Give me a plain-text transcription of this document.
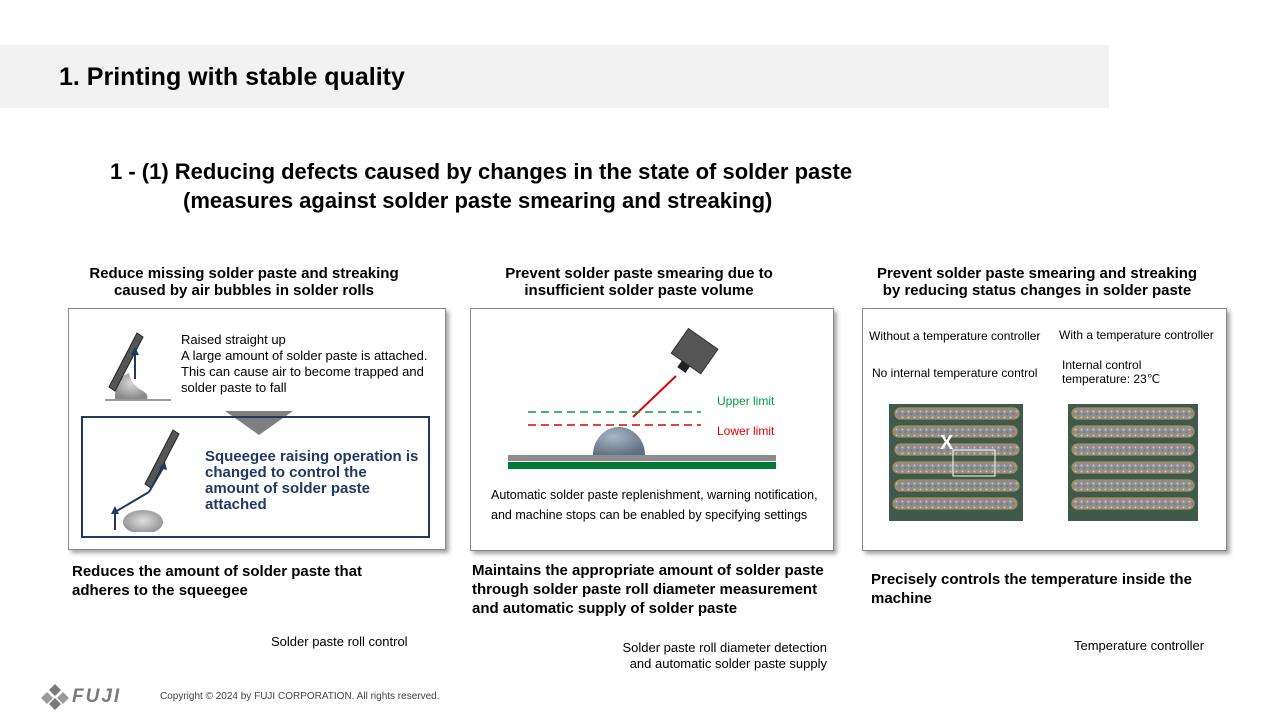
1. Printing with stable quality
1 - (1) Reducing defects caused by changes in the state of solder paste
(measures against solder paste smearing and streaking)
Reduce missing solder paste and streaking
caused by air bubbles in solder rolls
Raised straight up
A large amount of solder paste is attached. This can cause air to become trapped and solder paste to fall
Squeegee raising operation is changed to control the amount of solder paste attached
Reduces the amount of solder paste that adheres to the squeegee
Solder paste roll control
Prevent solder paste smearing due to
insufficient solder paste volume
Upper limit
Lower limit
Automatic solder paste replenishment, warning notification, and machine stops can be enabled by specifying settings
Maintains the appropriate amount of solder paste through solder paste roll diameter measurement and automatic supply of solder paste
Solder paste roll diameter detection
and automatic solder paste supply
Prevent solder paste smearing and streaking
by reducing status changes in solder paste
Without a temperature controller With a temperature controller
No internal temperature control
Internal control
temperature: 23℃
X
Precisely controls the temperature inside the machine
Temperature controller
FUJI	Copyright © 2024 by FUJI CORPORATION. All rights reserved.
